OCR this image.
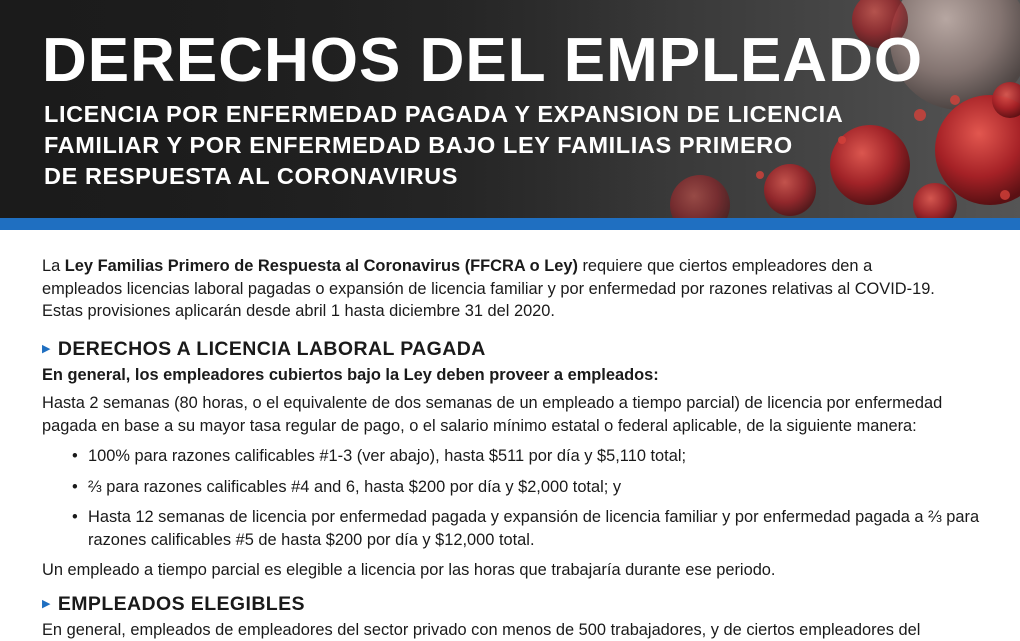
DERECHOS DEL EMPLEADO
LICENCIA POR ENFERMEDAD PAGADA Y EXPANSION DE LICENCIA
FAMILIAR Y POR ENFERMEDAD BAJO LEY FAMILIAS PRIMERO
DE RESPUESTA AL CORONAVIRUS

La Ley Familias Primero de Respuesta al Coronavirus (FFCRA o Ley) requiere que ciertos empleadores den a empleados licencias laboral pagadas o expansión de licencia familiar y por enfermedad por razones relativas al COVID-19. Estas provisiones aplicarán desde abril 1 hasta diciembre 31 del 2020.

▶ DERECHOS A LICENCIA LABORAL PAGADA

En general, los empleadores cubiertos bajo la Ley deben proveer a empleados:

Hasta 2 semanas (80 horas, o el equivalente de dos semanas de un empleado a tiempo parcial) de licencia por enfermedad pagada en base a su mayor tasa regular de pago, o el salario mínimo estatal o federal aplicable, de la siguiente manera:

• 100% para razones calificables #1-3 (ver abajo), hasta $511 por día y $5,110 total;
• ⅔ para razones calificables #4 and 6, hasta $200 por día y $2,000 total; y
• Hasta 12 semanas de licencia por enfermedad pagada y expansión de licencia familiar y por enfermedad pagada a ⅔ para razones calificables #5 de hasta $200 por día y $12,000 total.

Un empleado a tiempo parcial es elegible a licencia por las horas que trabajaría durante ese periodo.

▶ EMPLEADOS ELEGIBLES

En general, empleados de empleadores del sector privado con menos de 500 trabajadores, y de ciertos empleadores del
